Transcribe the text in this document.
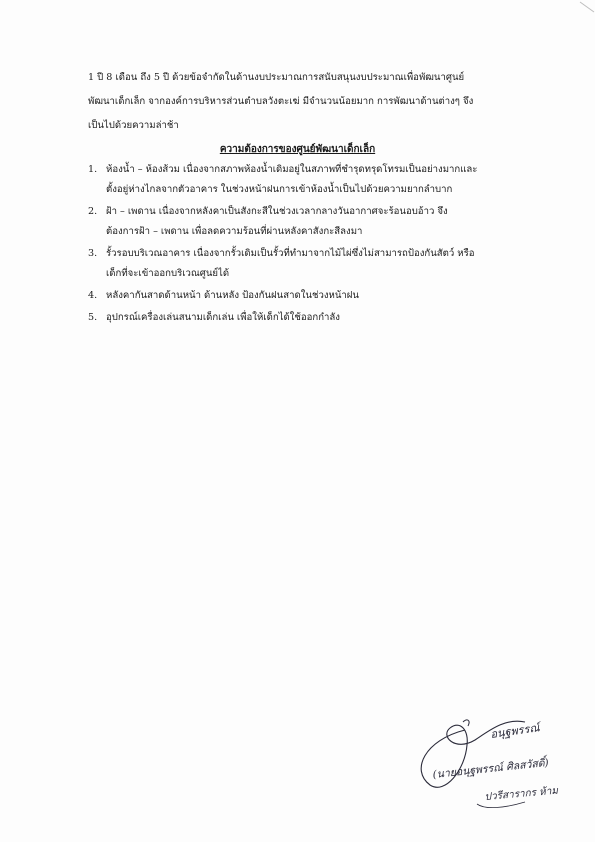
1 ปี 8 เดือน ถึง 5 ปี ด้วยข้อจำกัดในด้านงบประมาณการสนับสนุนงบประมาณเพื่อพัฒนาศูนย์
พัฒนาเด็กเล็ก จากองค์การบริหารส่วนตำบลวังตะเฆ่ มีจำนวนน้อยมาก การพัฒนาด้านต่างๆ จึง
เป็นไปด้วยความล่าช้า
ความต้องการของศูนย์พัฒนาเด็กเล็ก
1. ห้องน้ำ – ห้องส้วม เนื่องจากสภาพห้องน้ำเดิมอยู่ในสภาพที่ชำรุดทรุดโทรมเป็นอย่างมากและ
ตั้งอยู่ห่างไกลจากตัวอาคาร ในช่วงหน้าฝนการเข้าห้องน้ำเป็นไปด้วยความยากลำบาก
2. ฝ้า – เพดาน เนื่องจากหลังคาเป็นสังกะสีในช่วงเวลากลางวันอากาศจะร้อนอบอ้าว จึง
ต้องการฝ้า – เพดาน เพื่อลดความร้อนที่ผ่านหลังคาสังกะสีลงมา
3. รั้วรอบบริเวณอาคาร เนื่องจากรั้วเดิมเป็นรั้วที่ทำมาจากไม้ไผ่ซึ่งไม่สามารถป้องกันสัตว์ หรือ
เด็กที่จะเข้าออกบริเวณศูนย์ได้
4. หลังคากันสาดด้านหน้า ด้านหลัง ป้องกันฝนสาดในช่วงหน้าฝน
5. อุปกรณ์เครื่องเล่นสนามเด็กเล่น เพื่อให้เด็กได้ใช้ออกกำลัง
อนุฐพรรณ์
(นายอนุฐพรรณ์ ศิลสวัสดิ์)
ปวรีสารากร ห้าม
